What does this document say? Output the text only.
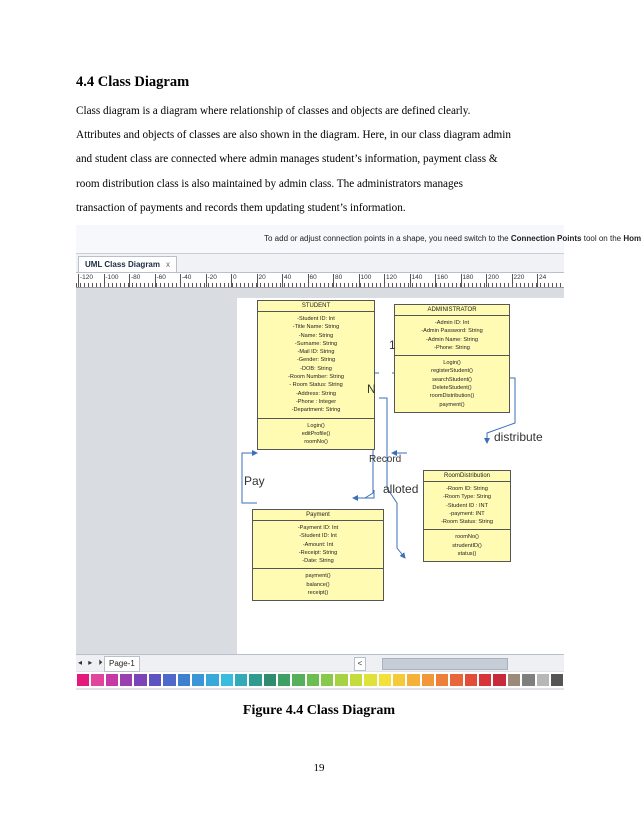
4.4 Class Diagram
Class diagram is a diagram where relationship of classes and objects are defined clearly.
Attributes and objects of classes are also shown in the diagram. Here, in our class diagram admin
and student class are connected where admin manages student’s information, payment class &
room distribution class is also maintained by admin class. The administrators manages
transaction of payments and records them updating student’s information.
To add or adjust connection points in a shape, you need switch to the Connection Points tool on the Hom
UML Class Diagram x
-120 -100 -80 -60 -40 -20 0	20	40	60	80	100 120 140 160 180 200 220 24
STUDENT
-Student ID: Int
-Title Name: String
-Name: String
-Surname: String
-Mail ID: String
-Gender: String
-DOB: String
-Room Number: String
- Room Status: String
-Address: String
-Phone : Integer
-Department: String
Login()
editProfile()
roomNo()
ADMINISTRATOR
-Admin ID: Int
-Admin Password: String
-Admin Name: String
-Phone: String
Login()
registerStudent()
searchStudent()
DeleteStudent()
roomDistribution()
payment()
Payment
-Payment ID: Int
-Student ID: Int
-Amount: Int
-Receipt: String
-Date: String
payment()
balance()
receipt()
RoomDistribution
-Room ID: String
-Room Type: String
-Student ID : INT
-payment: INT
-Room Status: String
roomNo()
strudentID()
status()
1
N
Record
Pay
alloted
distribute
◂ ▸ ⏵ Page-1	<
Figure 4.4 Class Diagram
19
